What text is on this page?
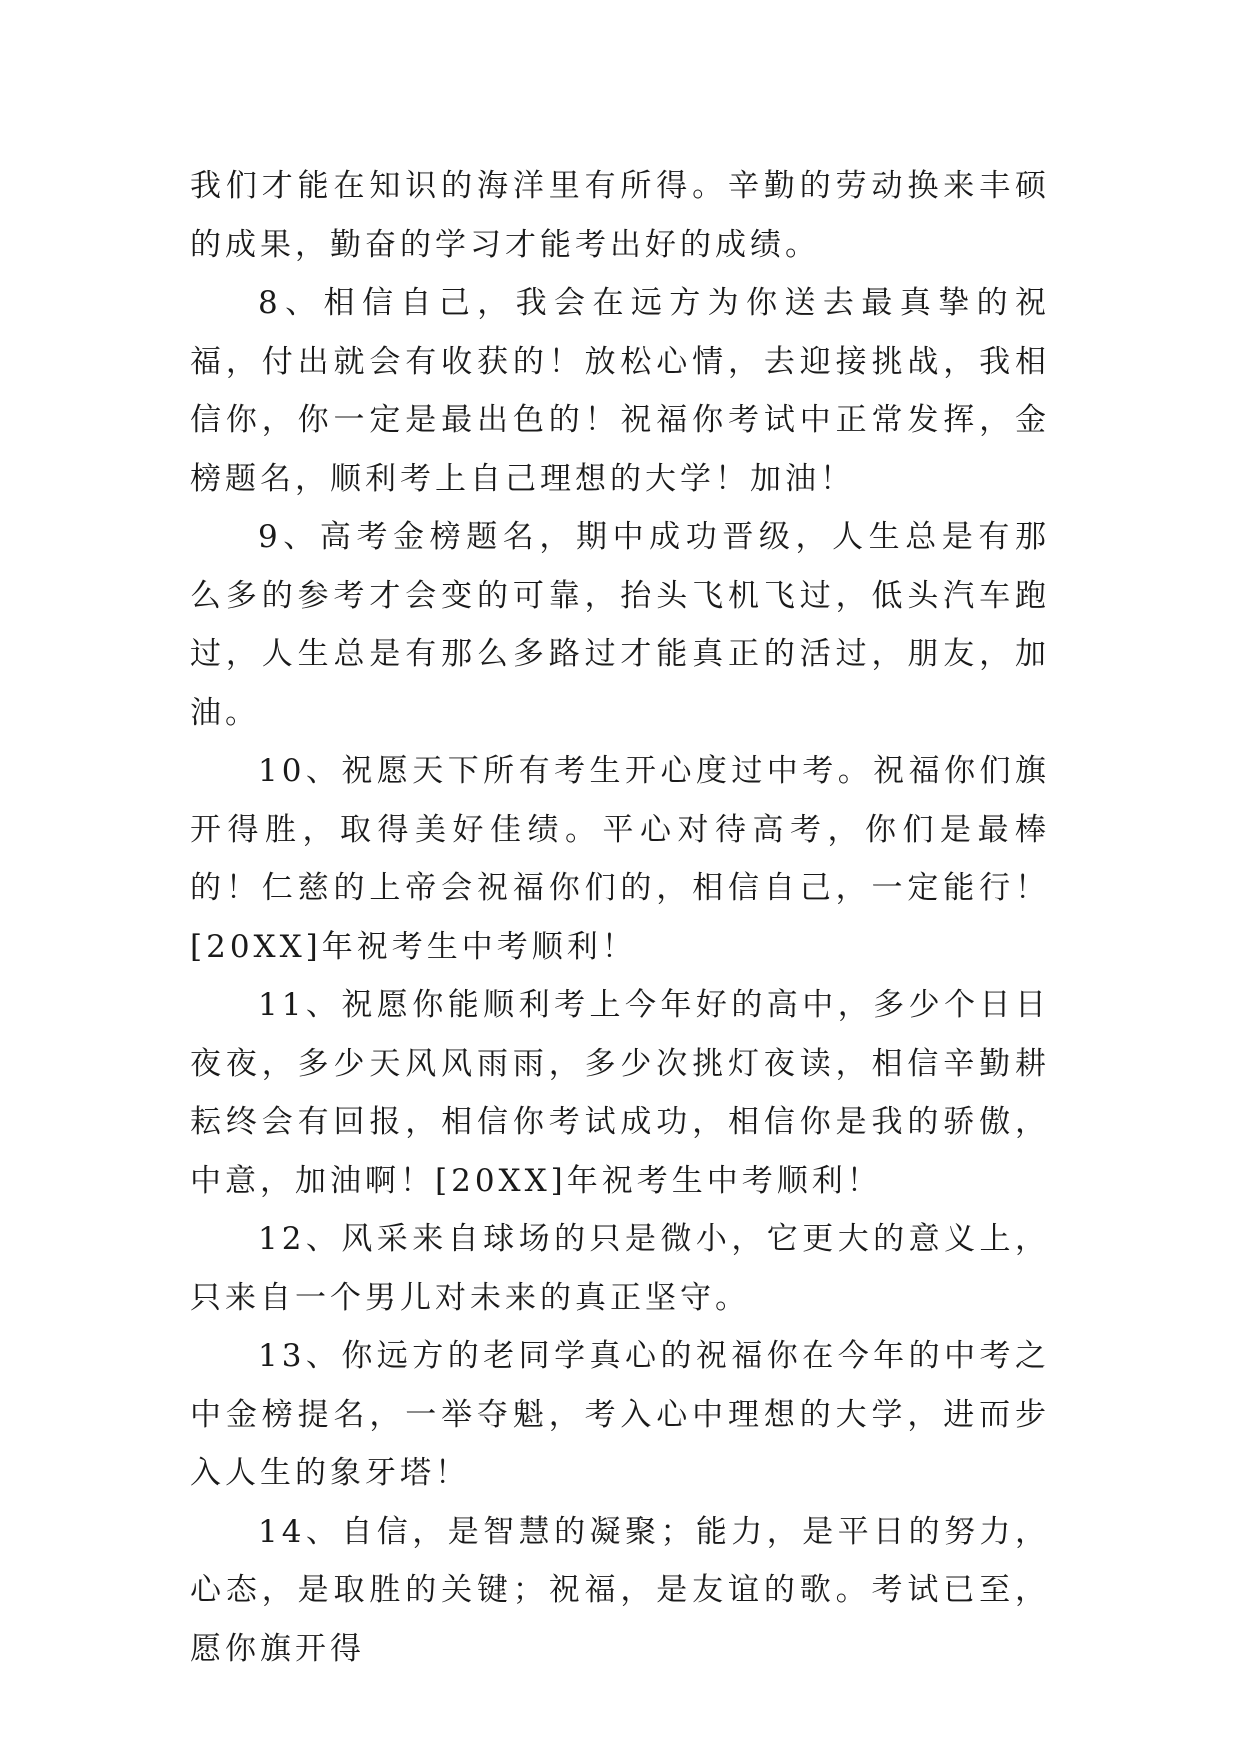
我们才能在知识的海洋里有所得。辛勤的劳动换来丰硕的成果，勤奋的学习才能考出好的成绩。

8、相信自己，我会在远方为你送去最真挚的祝福，付出就会有收获的！放松心情，去迎接挑战，我相信你，你一定是最出色的！祝福你考试中正常发挥，金榜题名，顺利考上自己理想的大学！加油！

9、高考金榜题名，期中成功晋级，人生总是有那么多的参考才会变的可靠，抬头飞机飞过，低头汽车跑过，人生总是有那么多路过才能真正的活过，朋友，加油。

10、祝愿天下所有考生开心度过中考。祝福你们旗开得胜，取得美好佳绩。平心对待高考，你们是最棒的！仁慈的上帝会祝福你们的，相信自己，一定能行！[20XX]年祝考生中考顺利！

11、祝愿你能顺利考上今年好的高中，多少个日日夜夜，多少天风风雨雨，多少次挑灯夜读，相信辛勤耕耘终会有回报，相信你考试成功，相信你是我的骄傲，中意，加油啊！[20XX]年祝考生中考顺利！

12、风采来自球场的只是微小，它更大的意义上，只来自一个男儿对未来的真正坚守。

13、你远方的老同学真心的祝福你在今年的中考之中金榜提名，一举夺魁，考入心中理想的大学，进而步入人生的象牙塔！

14、自信，是智慧的凝聚；能力，是平日的努力，心态，是取胜的关键；祝福，是友谊的歌。考试已至，愿你旗开得
